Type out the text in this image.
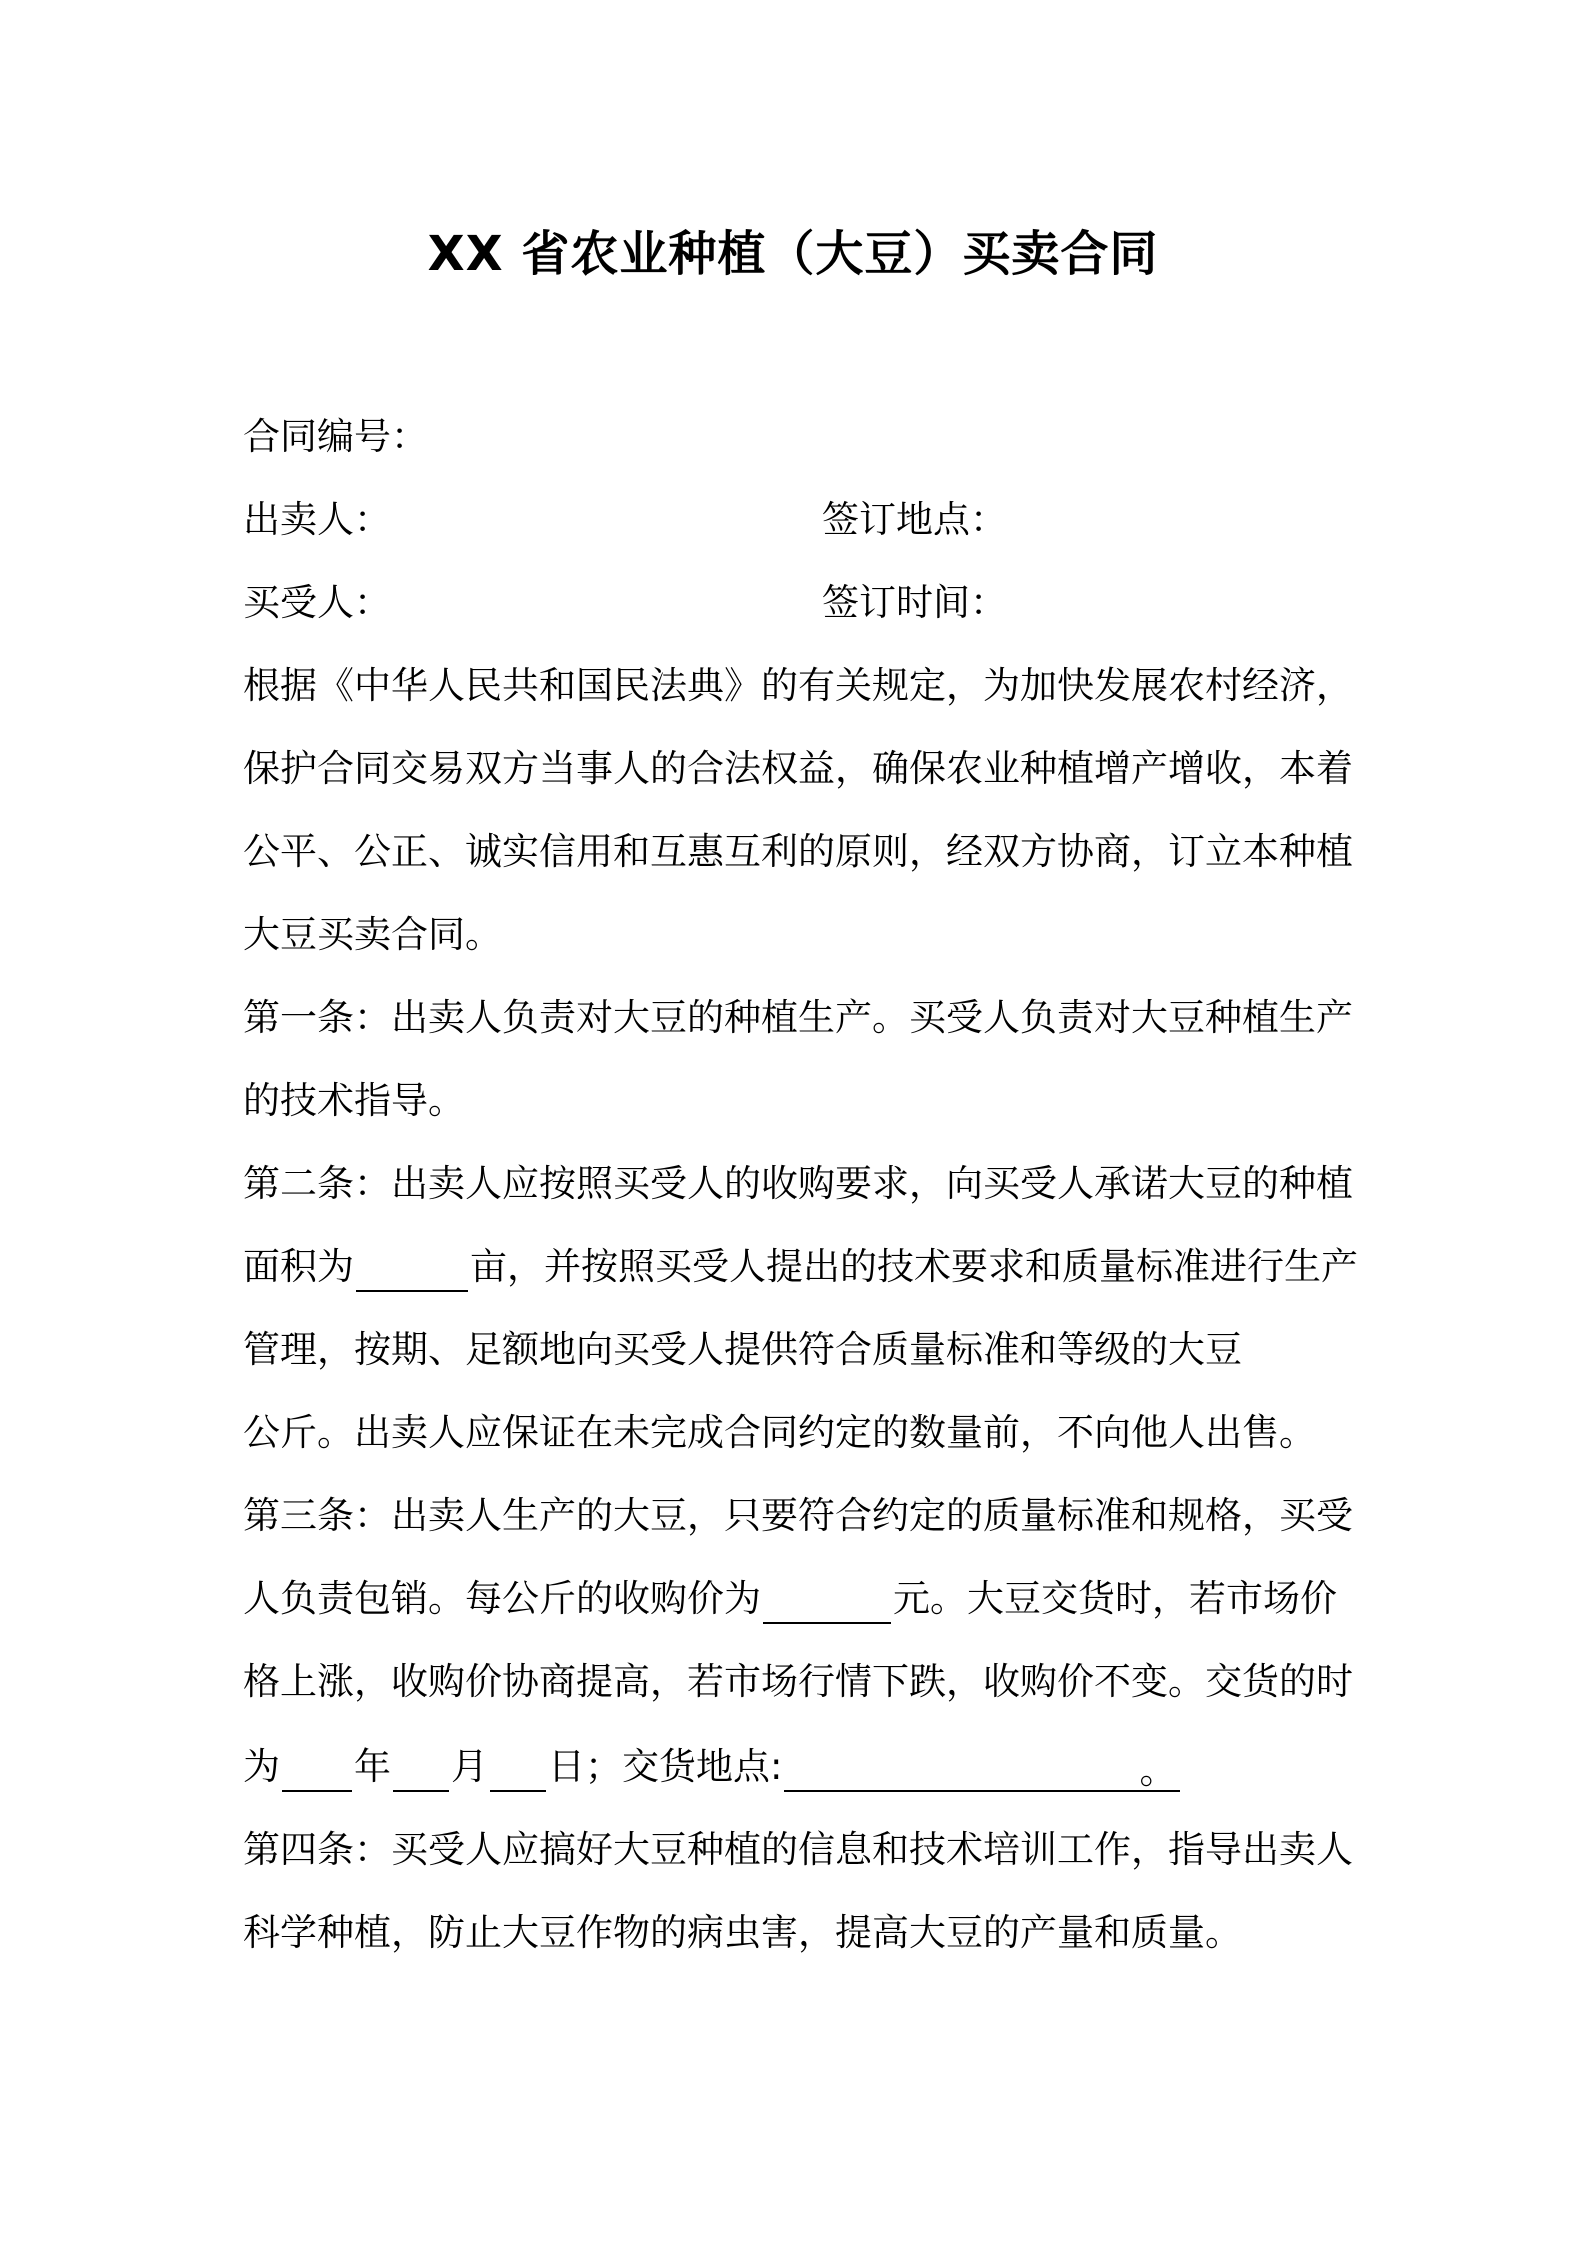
XX 省农业种植（大豆）买卖合同
合同编号：
出卖人：	签订地点：
买受人：	签订时间：
根据《中华人民共和国民法典》的有关规定，为加快发展农村经济，
保护合同交易双方当事人的合法权益，确保农业种植增产增收，本着
公平、公正、诚实信用和互惠互利的原则，经双方协商，订立本种植
大豆买卖合同。
第一条：出卖人负责对大豆的种植生产。买受人负责对大豆种植生产
的技术指导。
第二条：出卖人应按照买受人的收购要求，向买受人承诺大豆的种植
面积为	亩，并按照买受人提出的技术要求和质量标准进行生产
管理，按期、足额地向买受人提供符合质量标准和等级的大豆
公斤。出卖人应保证在未完成合同约定的数量前，不向他人出售。
第三条：出卖人生产的大豆，只要符合约定的质量标准和规格，买受
人负责包销。每公斤的收购价为	元。大豆交货时，若市场价
格上涨，收购价协商提高，若市场行情下跌，收购价不变。交货的时
为 年 月 日；交货地点:	。
第四条：买受人应搞好大豆种植的信息和技术培训工作，指导出卖人
科学种植，防止大豆作物的病虫害，提高大豆的产量和质量。
